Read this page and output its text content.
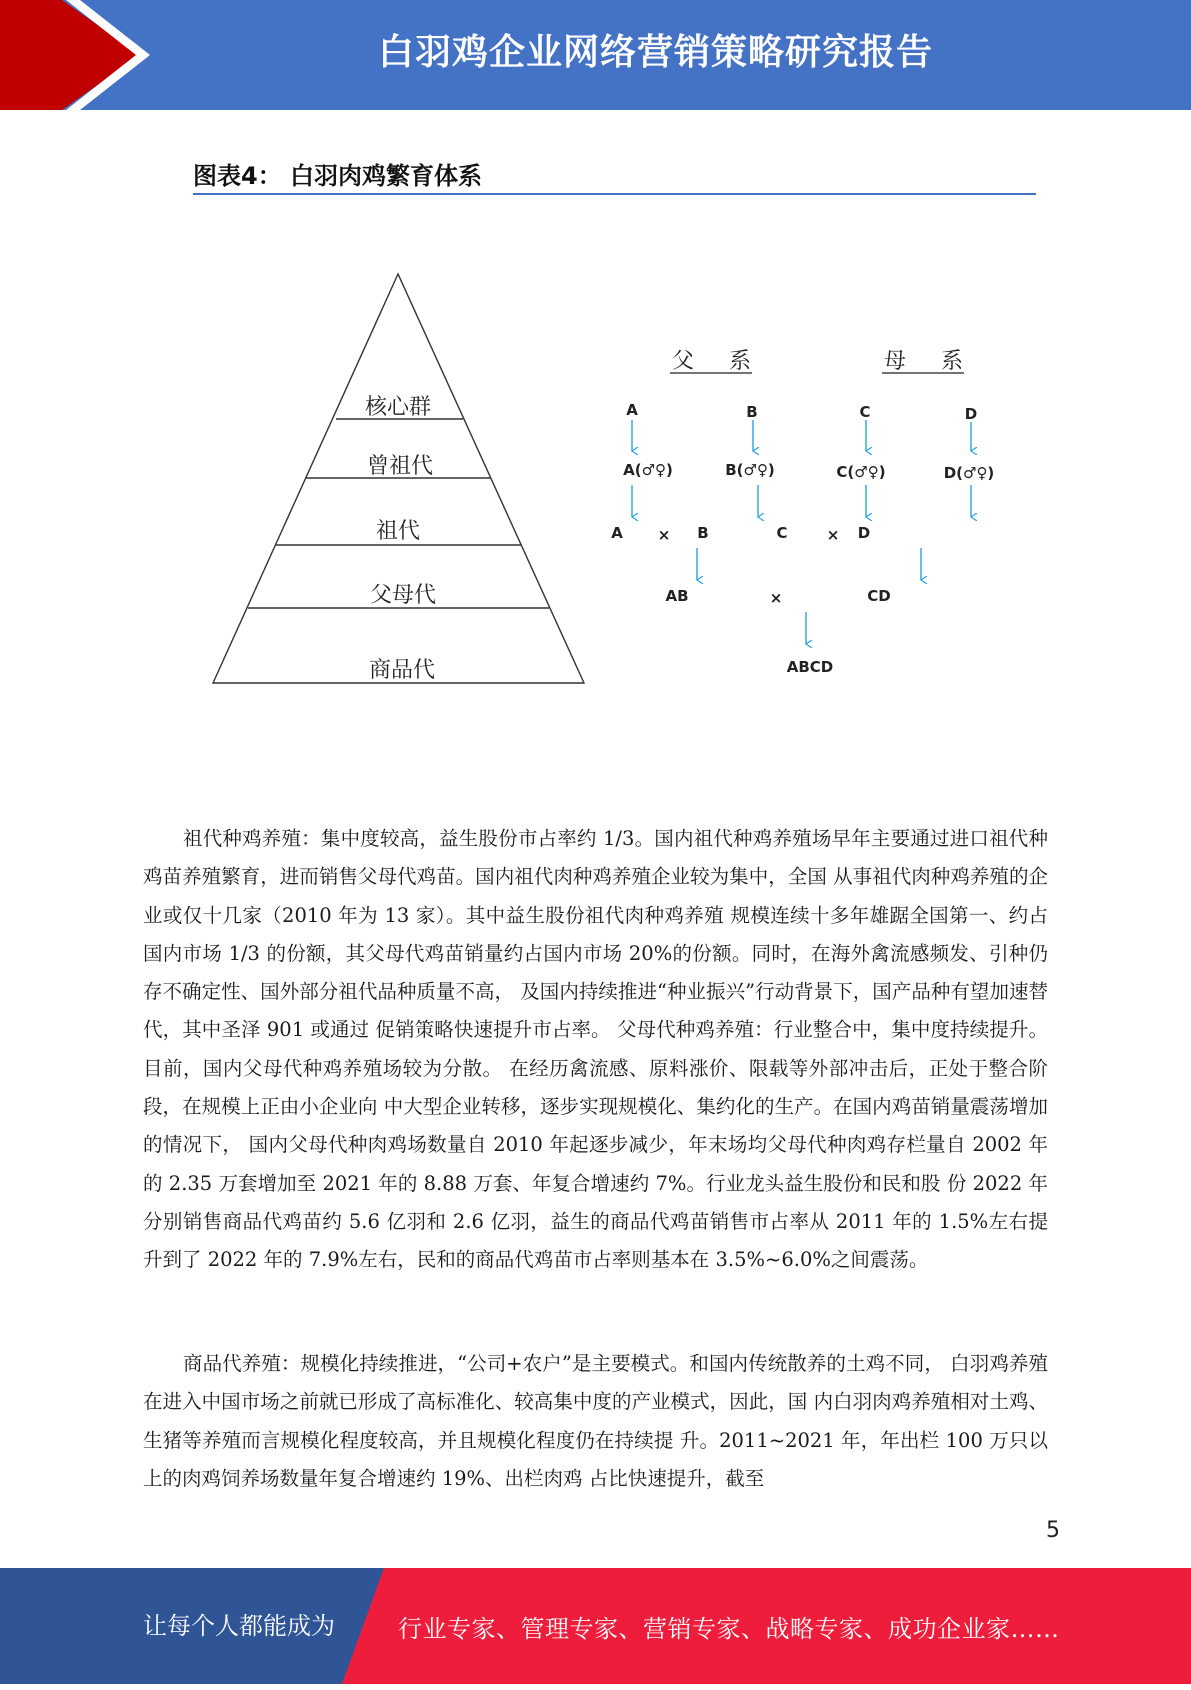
白羽鸡企业网络营销策略研究报告
图表4： 白羽肉鸡繁育体系
核心群
曾祖代
祖代
父母代
商品代
父 系	母 系
A	B	C	D
A(♂♀)	B(♂♀)	C(♂♀)	D(♂♀)
A × B	C	× D
AB	×	CD
ABCD

祖代种鸡养殖：集中度较高，益生股份市占率约 1/3。国内祖代种鸡养殖场早年主要通过进口祖代种鸡苗养殖繁育，进而销售父母代鸡苗。国内祖代肉种鸡养殖企业较为集中，全国 从事祖代肉种鸡养殖的企业或仅十几家（2010 年为 13 家）。其中益生股份祖代肉种鸡养殖 规模连续十多年雄踞全国第一、约占国内市场 1/3 的份额，其父母代鸡苗销量约占国内市场 20%的份额。同时，在海外禽流感频发、引种仍存不确定性、国外部分祖代品种质量不高， 及国内持续推进“种业振兴”行动背景下，国产品种有望加速替代，其中圣泽 901 或通过 促销策略快速提升市占率。 父母代种鸡养殖：行业整合中，集中度持续提升。目前，国内父母代种鸡养殖场较为分散。 在经历禽流感、原料涨价、限载等外部冲击后，正处于整合阶段，在规模上正由小企业向 中大型企业转移，逐步实现规模化、集约化的生产。在国内鸡苗销量震荡增加的情况下， 国内父母代种肉鸡场数量自 2010 年起逐步减少，年末场均父母代种肉鸡存栏量自 2002 年 的 2.35 万套增加至 2021 年的 8.88 万套、年复合增速约 7%。行业龙头益生股份和民和股 份 2022 年分别销售商品代鸡苗约 5.6 亿羽和 2.6 亿羽，益生的商品代鸡苗销售市占率从 2011 年的 1.5%左右提升到了 2022 年的 7.9%左右，民和的商品代鸡苗市占率则基本在 3.5%~6.0%之间震荡。

商品代养殖：规模化持续推进，“公司+农户”是主要模式。和国内传统散养的土鸡不同， 白羽鸡养殖在进入中国市场之前就已形成了高标准化、较高集中度的产业模式，因此，国 内白羽肉鸡养殖相对土鸡、生猪等养殖而言规模化程度较高，并且规模化程度仍在持续提 升。2011~2021 年，年出栏 100 万只以上的肉鸡饲养场数量年复合增速约 19%、出栏肉鸡 占比快速提升，截至

5
让每个人都能成为	行业专家、管理专家、营销专家、战略专家、成功企业家……
